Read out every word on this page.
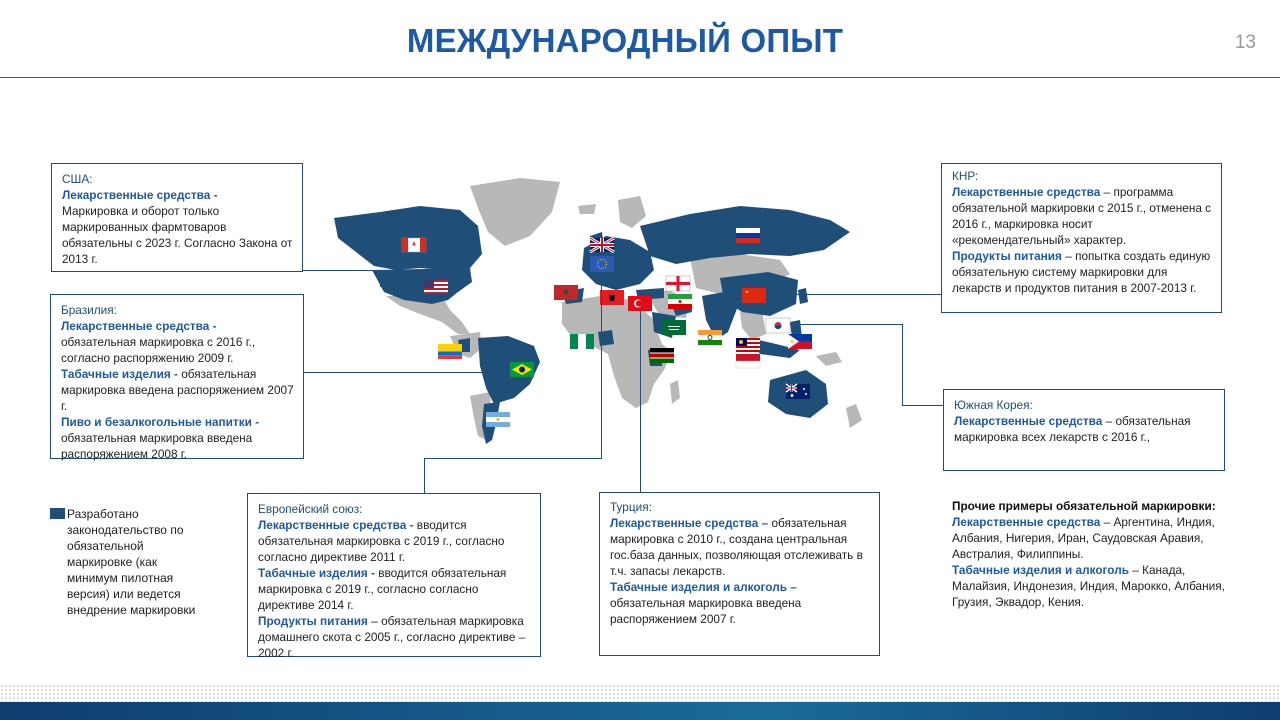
МЕЖДУНАРОДНЫЙ ОПЫТ	13
США:

Лекарственные средства -
Маркировка и оборот только маркированных фармтоваров обязательны с 2023 г. Согласно Закона от 2013 г.

Бразилия:

Лекарственные средства -
обязательная маркировка с 2016 г., согласно распоряжению 2009 г.

Табачные изделия - обязательная маркировка введена распоряжением 2007 г.

Пиво и безалкогольные напитки -
обязательная маркировка введена распоряжением 2008 г.

Европейский союз:

Лекарственные средства - вводится обязательная маркировка с 2019 г., согласно согласно директиве 2011 г.

Табачные изделия - вводится обязательная маркировка с 2019 г., согласно согласно директиве 2014 г.

Продукты питания – обязательная маркировка домашнего скота с 2005 г., согласно директиве – 2002 г.

Турция:

Лекарственные средства – обязательная маркировка с 2010 г., создана центральная гос.база данных, позволяющая отслеживать в т.ч. запасы лекарств.

Табачные изделия и алкоголь –
обязательная маркировка введена распоряжением 2007 г.

КНР:

Лекарственные средства – программа обязательной маркировки с 2015 г., отменена с 2016 г., маркировка носит «рекомендательный» характер.

Продукты питания – попытка создать единую обязательную систему маркировки для лекарств и продуктов питания в 2007-2013 г.

Южная Корея:

Лекарственные средства – обязательная маркировка всех лекарств с 2016 г.,

Разработано законодательство по обязательной маркировке (как минимум пилотная версия) или ведется внедрение маркировки
Прочие примеры обязательной маркировки:
Лекарственные средства – Аргентина, Индия, Албания, Нигерия, Иран, Саудовская Аравия, Австралия, Филиппины.
Табачные изделия и алкоголь – Канада, Малайзия, Индонезия, Индия, Марокко, Албания, Грузия, Эквадор, Кения.
